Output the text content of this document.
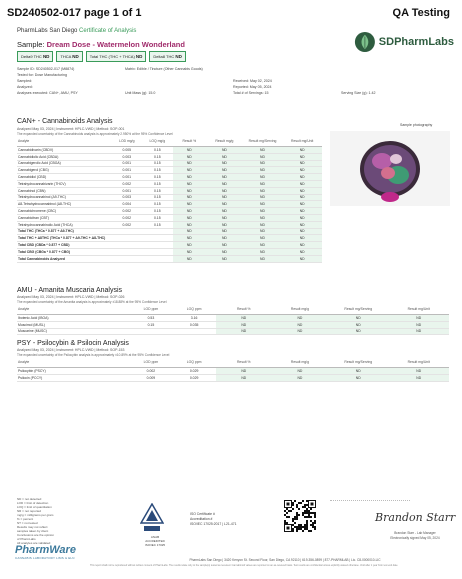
SD240502-017 page 1 of 1	QA Testing
PharmLabs San Diego Certificate of Analysis
Sample: Dream Dose - Watermelon Wonderland
Delta9 THC ND	THCA ND	Total THC (THC + THCA) ND	Delta8 THC ND
SDPharmLabs
Sample ID: SD240502-017 (M8874)	Matrix: Edible / Tincture (Other Cannabis Goods)
Tested for: Dose Manufacturing
Sampled:	Received: May 02, 2024
Analyzed:	Reported: May 05, 2024
Analyses executed: CAN+, AMU, PSY	Unit Mass (g): 15.0	Total # of Servings: 15	Serving Size (g): 1.42
CAN+ - Cannabinoids Analysis
Analyzed May 03, 2024 | Instrument: HPLC-VWD | Method: SOP-001
The expanded uncertainty of the Cannabinoids analysis is approximately 2.950% at the 95% Confidence Level
Analyte	LOD mg/g	LOQ mg/g	Result %	Result mg/g	Result mg/Serving	Result mg/Unit
Cannabidivarin (CBDV)	0.005	0.15	ND	ND	ND	ND
Cannabidiolic Acid (CBDA)	0.003	0.15	ND	ND	ND	ND
Cannabigerolic Acid (CBGA)	0.001	0.15	ND	ND	ND	ND
Cannabigerol (CBG)	0.001	0.15	ND	ND	ND	ND
Cannabidiol (CBD)	0.001	0.15	ND	ND	ND	ND
Tetrahydrocannabivarin (THCV)	0.002	0.15	ND	ND	ND	ND
Cannabinol (CBN)	0.001	0.15	ND	ND	ND	ND
Tetrahydrocannabinol (Δ9-THC)	0.003	0.15	ND	ND	ND	ND
Δ8-Tetrahydrocannabinol (Δ8-THC)	0.004	0.15	ND	ND	ND	ND
Cannabichromene (CBC)	0.002	0.15	ND	ND	ND	ND
Cannabicitran (CBT)	0.002	0.15	ND	ND	ND	ND
Tetrahydrocannabinolic Acid (THCA)	0.002	0.15	ND	ND	ND	ND
Total THC (THCa * 0.877 + Δ9-THC)			ND	ND	ND	ND
Total THC + Δ8THC (THCa * 0.877 + Δ9-THC + Δ8-THC)			ND	ND	ND	ND
Total CBD (CBDa * 0.877 + CBD)			ND	ND	ND	ND
Total CBG (CBGa * 0.877 + CBG)			ND	ND	ND	ND
Total Cannabinoids Analyzed			ND	ND	ND	ND
Sample photography
AMU - Amanita Muscaria Analysis
Analyzed May 03, 2024 | Instrument: HPLC-VWD | Method: SOP-026
The expanded uncertainty of the Amanita analysis is approximately ±18.88% at the 95% Confidence Level
Analyte	LOD ppm	LOQ ppm	Result %	Result mg/g	Result mg/Serving	Result mg/Unit
Ibotenic Acid (IBOA)	0.53	3.16	ND	ND	ND	ND
Muscimol (MUSL)	0.15	0.035	ND	ND	ND	ND
Muscarine (MUSC)			ND	ND	ND	ND
PSY - Psilocybin & Psilocin Analysis
Analyzed May 03, 2024 | Instrument: HPLC-VWD | Method: SOP-153
The expanded uncertainty of the Psilocybin analysis is approximately ±10.89% at the 95% Confidence Level
Analyte	LOD ppm	LOQ ppm	Result %	Result mg/g	Result mg/Serving	Result mg/Unit
Psilocybin (PSCY)	0.002	0.029	ND	ND	ND	ND
Psilocin (PCCY)	0.009	0.029	ND	ND	ND	ND
ND = not detected
LOD = limit of detection
LOQ = limit of quantitation
NR = not reported
mg/g = milligrams per gram
% = percent
NT = not tested
Results may not reflect
samples taken by client
Conclusions are the opinion
of PharmLabs
All analytes are validated
PharmWare
CANNABIS LABORATORY LIMS & ELN
ANAB
ACCREDITED
ISO/IEC 17025
ISO Certificate #
Accreditation #
ISO/IEC 17025:2017 | L21-471	Brandon Starr
Brandon Starr - Lab Manager
Electronically signed May 05, 2024
PharmLabs San Diego | 3420 Kenyon St. Second Floor, San Diego, CA 92110 | 619-356-0899 | 877-PHARMLAB | Lic. C8-0000010-LIC
This report shall not be reproduced without written consent of PharmLabs. The results relate only to the sample(s) tested as received. Cannabinoid values are reported on an as-received basis. Test results are confidential unless explicitly waived otherwise. Void after 1 year from test end date.
